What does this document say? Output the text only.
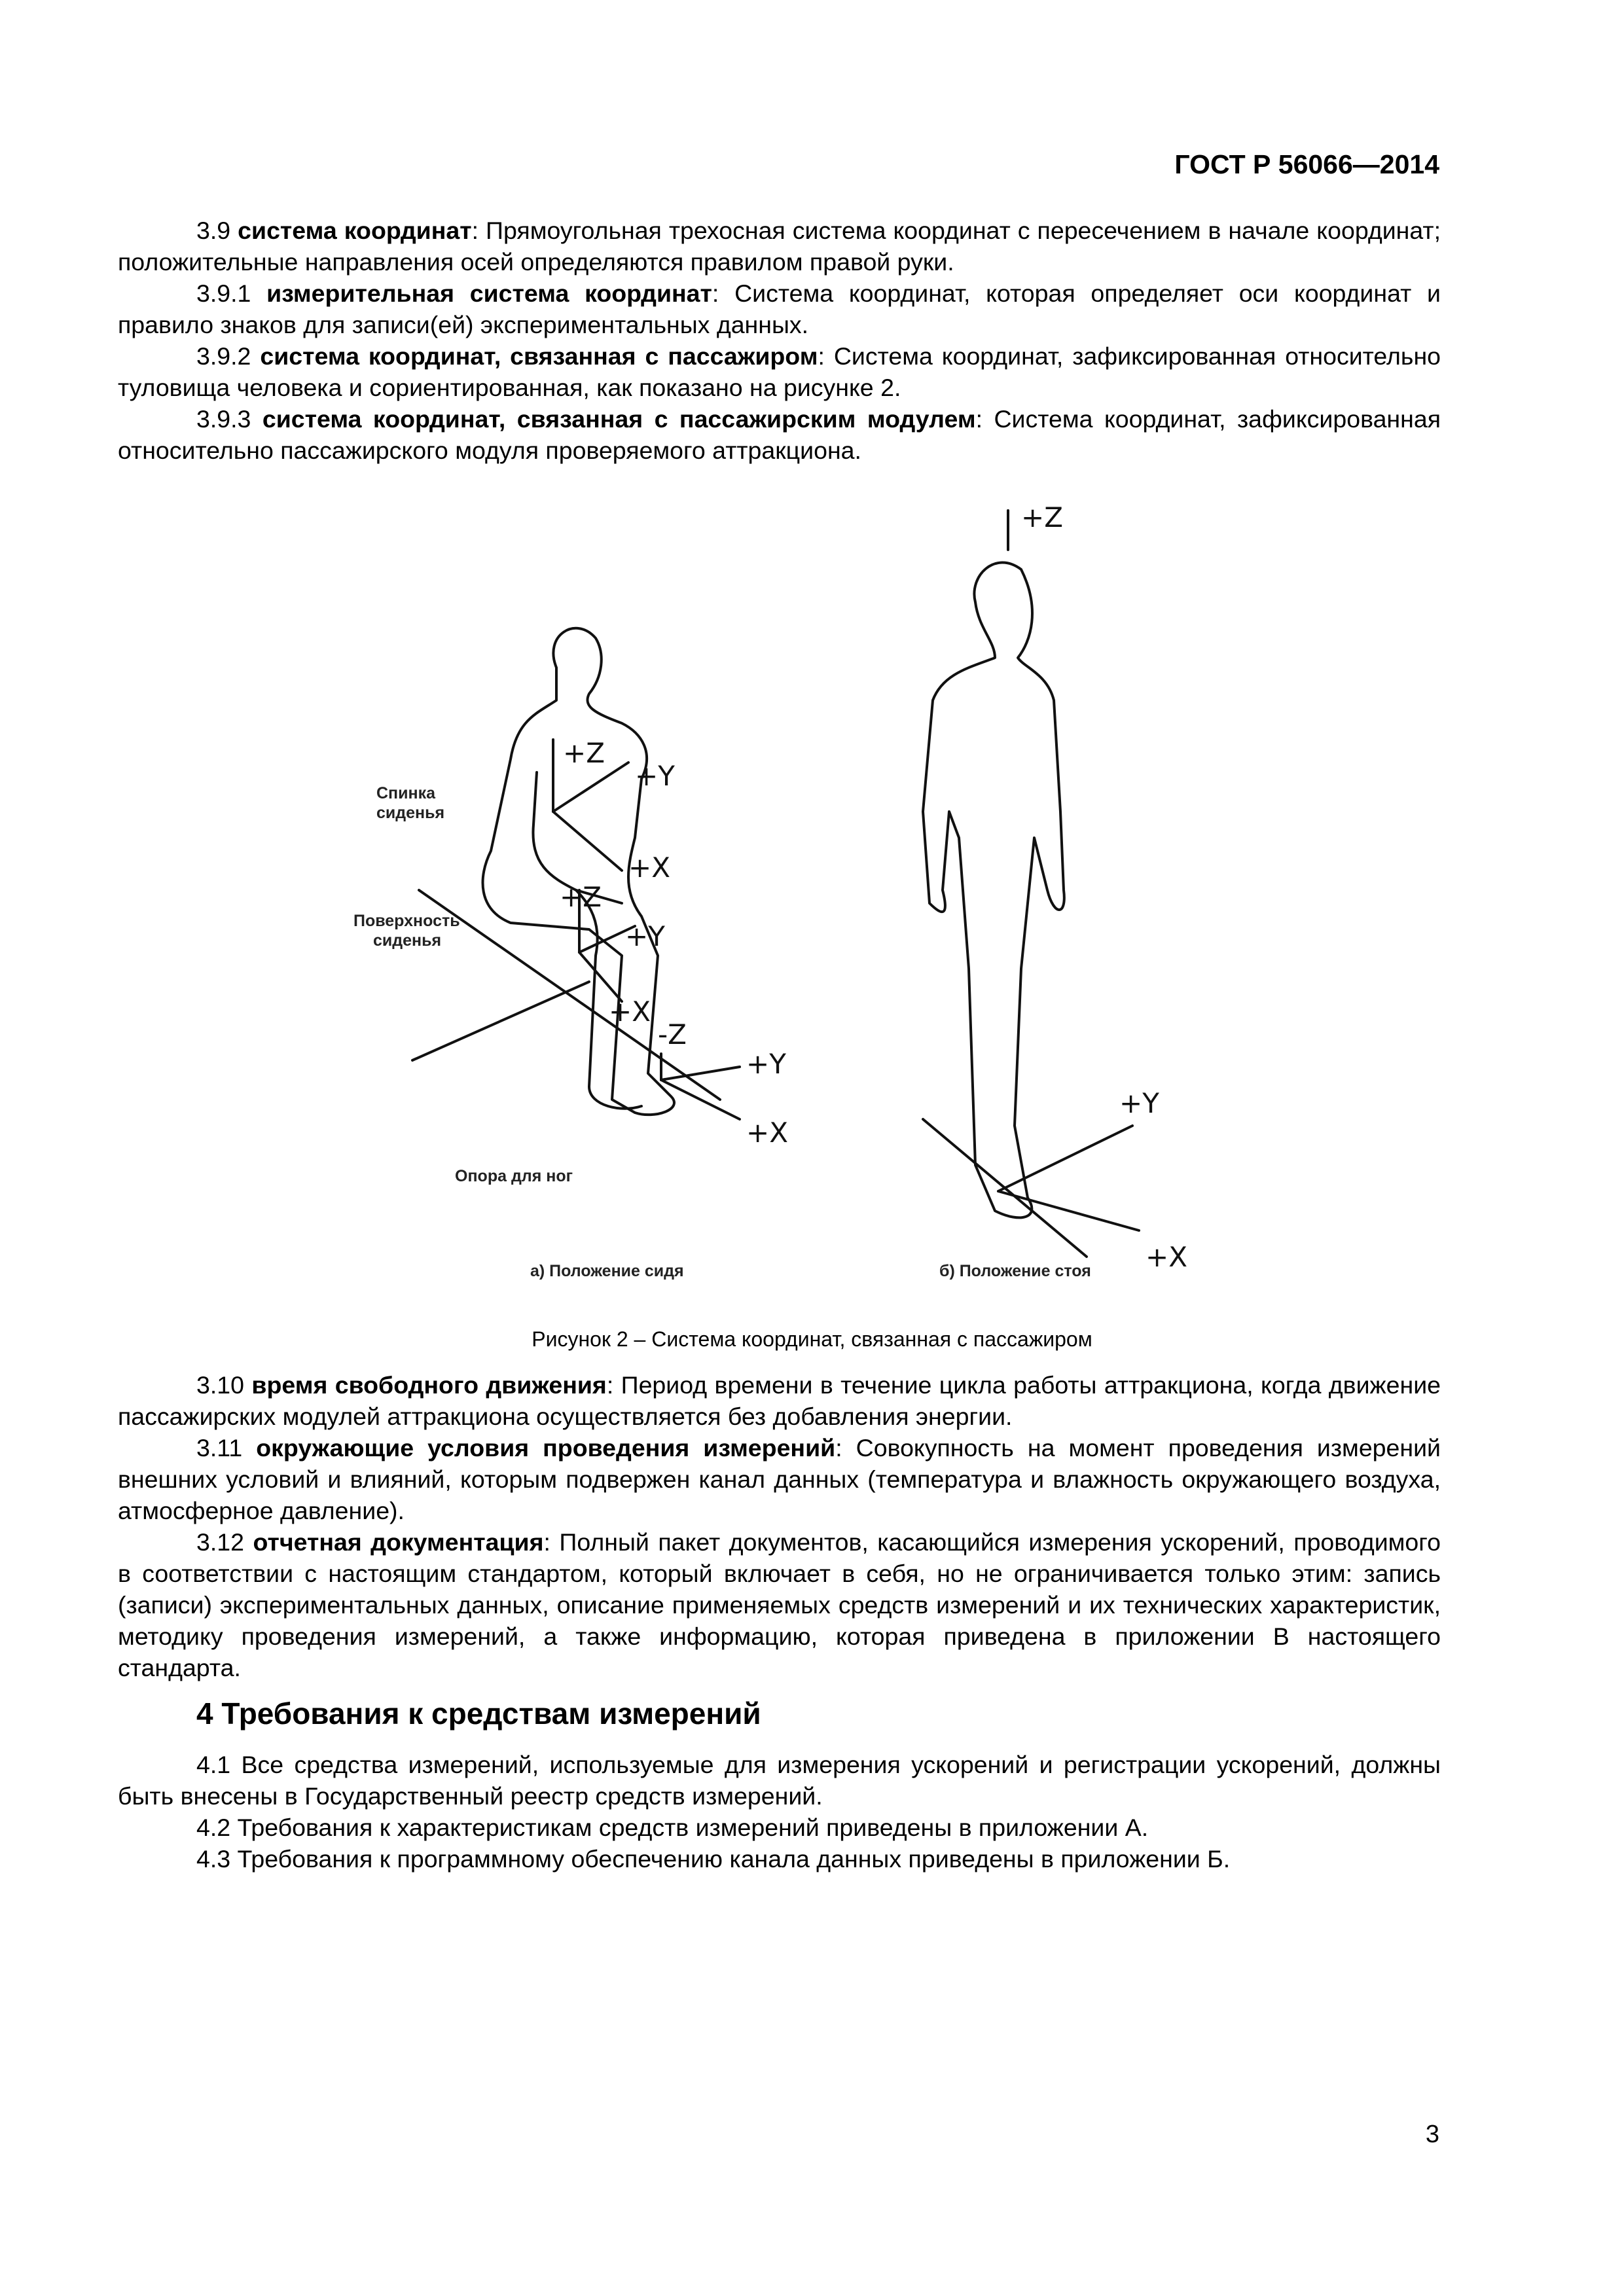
ГОСТ Р 56066—2014

3.9 система координат: Прямоугольная трехосная система координат с пересечением в начале координат; положительные направления осей определяются правилом правой руки.

3.9.1 измерительная система координат: Система координат, которая определяет оси координат и правило знаков для записи(ей) экспериментальных данных.

3.9.2 система координат, связанная с пассажиром: Система координат, зафиксированная относительно туловища человека и сориентированная, как показано на рисунке 2.

3.9.3 система координат, связанная с пассажирским модулем: Система координат, зафиксированная относительно пассажирского модуля проверяемого аттракциона.

Спинка
сиденья
Поверхность
сиденья
Опора для ног
а) Положение сидя	б) Положение стоя
+Z
+Y
+X
+Z
+Y
+X
-Z
+Y
+X
+Z
+Y
+X
Рисунок 2 – Система координат, связанная с пассажиром

3.10 время свободного движения: Период времени в течение цикла работы аттракциона, когда движение пассажирских модулей аттракциона осуществляется без добавления энергии.

3.11 окружающие условия проведения измерений: Совокупность на момент проведения измерений внешних условий и влияний, которым подвержен канал данных (температура и влажность окружающего воздуха, атмосферное давление).

3.12 отчетная документация: Полный пакет документов, касающийся измерения ускорений, проводимого в соответствии с настоящим стандартом, который включает в себя, но не ограничивается только этим: запись (записи) экспериментальных данных, описание применяемых средств измерений и их технических характеристик, методику проведения измерений, а также информацию, которая приведена в приложении В настоящего стандарта.

4 Требования к средствам измерений

4.1 Все средства измерений, используемые для измерения ускорений и регистрации ускорений, должны быть внесены в Государственный реестр средств измерений.

4.2 Требования к характеристикам средств измерений приведены в приложении А.

4.3 Требования к программному обеспечению канала данных приведены в приложении Б.

3
